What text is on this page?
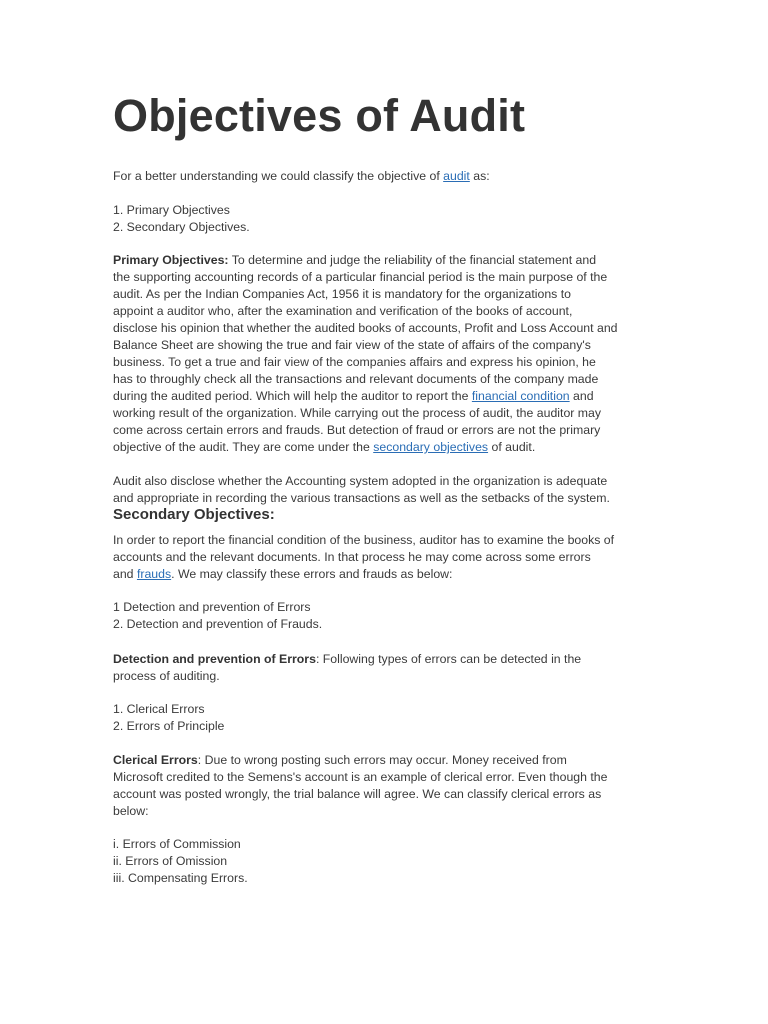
Objectives of Audit
For a better understanding we could classify the objective of audit as:
1. Primary Objectives
2. Secondary Objectives.
Primary Objectives: To determine and judge the reliability of the financial statement and
the supporting accounting records of a particular financial period is the main purpose of the
audit. As per the Indian Companies Act, 1956 it is mandatory for the organizations to
appoint a auditor who, after the examination and verification of the books of account,
disclose his opinion that whether the audited books of accounts, Profit and Loss Account and
Balance Sheet are showing the true and fair view of the state of affairs of the company's
business. To get a true and fair view of the companies affairs and express his opinion, he
has to throughly check all the transactions and relevant documents of the company made
during the audited period. Which will help the auditor to report the financial condition and
working result of the organization. While carrying out the process of audit, the auditor may
come across certain errors and frauds. But detection of fraud or errors are not the primary
objective of the audit. They are come under the secondary objectives of audit.
Audit also disclose whether the Accounting system adopted in the organization is adequate
and appropriate in recording the various transactions as well as the setbacks of the system.
Secondary Objectives:
In order to report the financial condition of the business, auditor has to examine the books of
accounts and the relevant documents. In that process he may come across some errors
and frauds. We may classify these errors and frauds as below:
1 Detection and prevention of Errors
2. Detection and prevention of Frauds.
Detection and prevention of Errors: Following types of errors can be detected in the
process of auditing.
1. Clerical Errors
2. Errors of Principle
Clerical Errors: Due to wrong posting such errors may occur. Money received from
Microsoft credited to the Semens's account is an example of clerical error. Even though the
account was posted wrongly, the trial balance will agree. We can classify clerical errors as
below:
i. Errors of Commission
ii. Errors of Omission
iii. Compensating Errors.
